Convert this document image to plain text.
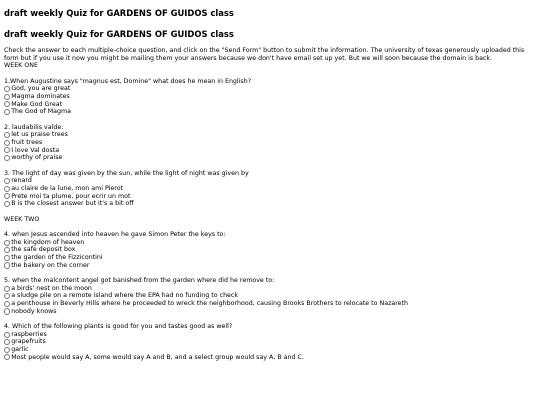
draft weekly Quiz for GARDENS OF GUIDOS class
draft weekly Quiz for GARDENS OF GUIDOS class

Check the answer to each multiple-choice question, and click on the "Send Form" button to submit the information. The university of texas generously uploaded this form but if you use it now you might be mailing them your answers because we don't have email set up yet. But we will soon because the domain is back.

WEEK ONE

1.When Augustine says "magnus est, Domine" what does he mean in English?

God, you are great
Magma dominates
Make God Great
The God of Magma

2. laudabilis valde:

let us praise trees
fruit trees
I love Val dosta
worthy of praise

3. The light of day was given by the sun, while the light of night was given by

renard
au claire de la lune, mon ami Pierot
Prete moi ta plume, pour ecrir un mot
B is the closest answer but it's a bit off

WEEK TWO

4. when Jesus ascended into heaven he gave Simon Peter the keys to:

the kingdom of heaven
the safe deposit box
the garden of the Fizzicontini
the bakery on the corner

5. when the malcontent angel got banished from the garden where did he remove to:

a birds' nest on the moon
a sludge pile on a remote island where the EPA had no funding to check
a penthouse in Beverly Hills where he proceeded to wreck the neighborhood, causing Brooks Brothers to relocate to Nazareth
nobody knows

4. Which of the following plants is good for you and tastes good as well?

raspberries
grapefruits
garlic
Most people would say A, some would say A and B, and a select group would say A, B and C.
